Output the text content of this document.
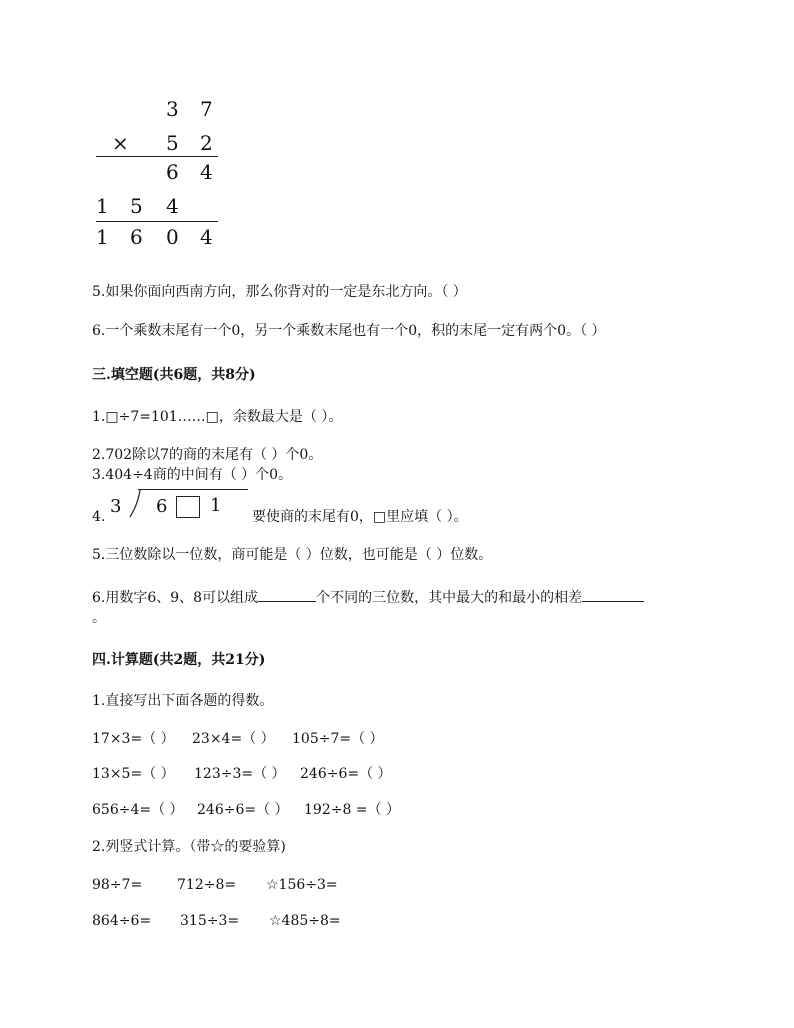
3 7
× 5 2
6 4
1 5 4
1 6 0 4
5.如果你面向西南方向，那么你背对的一定是东北方向。（ ）
6.一个乘数末尾有一个0，另一个乘数末尾也有一个0，积的末尾一定有两个0。（ ）
三.填空题(共6题，共8分)
1.□÷7=101……□，余数最大是（ ）。
2.702除以7的商的末尾有（ ）个0。
3.404÷4商的中间有（ ）个0。
4. 3 6 1
要使商的末尾有0，□里应填（ ）。
5.三位数除以一位数，商可能是（ ）位数，也可能是（ ）位数。
6.用数字6、9、8可以组成	个不同的三位数，其中最大的和最小的相差
。
四.计算题(共2题，共21分)
1.直接写出下面各题的得数。
17×3=（ ） 23×4=（ ） 105÷7=（ ）
13×5=（ ） 123÷3=（ ） 246÷6=（ ）
656÷4=（ ） 246÷6=（ ） 192÷8 =（ ）
2.列竖式计算。（带☆的要验算)
98÷7= 712÷8= ☆156÷3=
864÷6= 315÷3= ☆485÷8=
